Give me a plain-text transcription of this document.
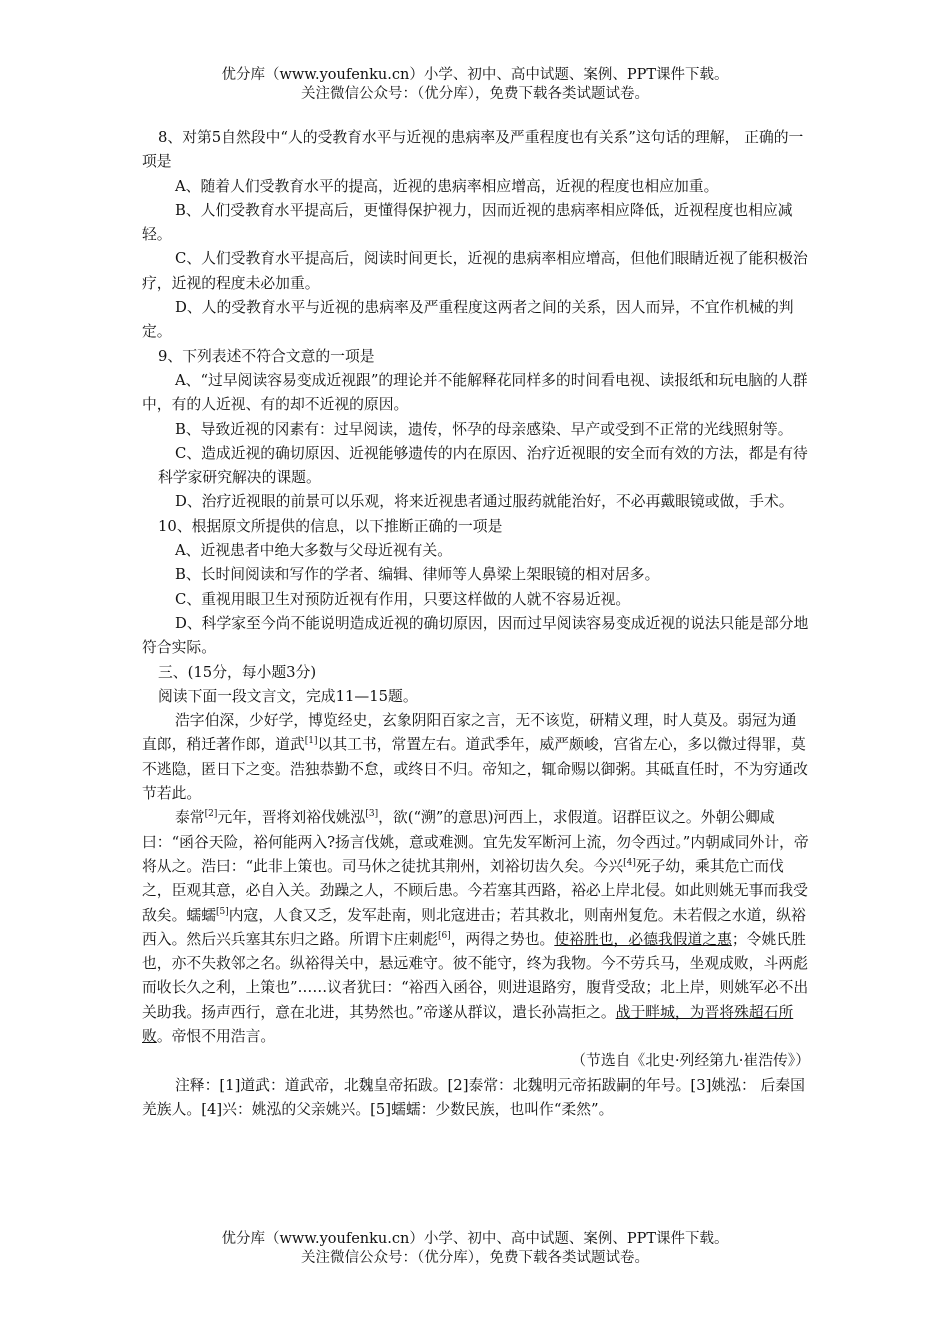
优分库（www.youfenku.cn）小学、初中、高中试题、案例、PPT课件下载。
关注微信公众号：（优分库），免费下载各类试题试卷。

8、对第5自然段中“人的受教育水平与近视的患病率及严重程度也有关系”这句话的理解， 正确的一项是

A、随着人们受教育水平的提高，近视的患病率相应增高，近视的程度也相应加重。

B、人们受教育水平提高后，更懂得保护视力，因而近视的患病率相应降低，近视程度也相应减轻。

C、人们受教育水平提高后，阅读时间更长，近视的患病率相应增高，但他们眼睛近视了能积极治疗，近视的程度未必加重。

D、人的受教育水平与近视的患病率及严重程度这两者之间的关系，因人而异，不宜作机械的判定。

9、下列表述不符合文意的一项是

A、“过早阅读容易变成近视跟”的理论并不能解释花同样多的时间看电视、读报纸和玩电脑的人群中，有的人近视、有的却不近视的原因。

B、导致近视的冈素有：过早阅读，遗传，怀孕的母亲感染、早产或受到不正常的光线照射等。

C、造成近视的确切原因、近视能够遗传的内在原因、治疗近视眼的安全而有效的方法，都是有待科学家研究解决的课题。

D、治疗近视眼的前景可以乐观，将来近视患者通过服药就能治好，不必再戴眼镜或做，手术。

10、根据原文所提供的信息，以下推断正确的一项是

A、近视患者中绝大多数与父母近视有关。

B、长时间阅读和写作的学者、编辑、律师等人鼻梁上架眼镜的相对居多。

C、重视用眼卫生对预防近视有作用，只要这样做的人就不容易近视。

D、科学家至今尚不能说明造成近视的确切原因，因而过早阅读容易变成近视的说法只能是部分地符合实际。

三、(15分，每小题3分)

阅读下面一段文言文，完成11—15题。

浩字伯深，少好学，博览经史，玄象阴阳百家之言，无不该览，研精义理，时人莫及。弱冠为通直郎，稍迁著作郎，道武[1]以其工书，常置左右。道武季年，威严颇峻，宫省左心，多以微过得罪，莫不逃隐，匿日下之变。浩独恭勤不怠，或终日不归。帝知之，辄命赐以御粥。其砥直任时，不为穷通改节若此。

泰常[2]元年，晋将刘裕伐姚泓[3]，欲(“溯”的意思)河西上，求假道。诏群臣议之。外朝公卿咸曰：“函谷天险，裕何能两入?扬言伐姚，意或难测。宜先发军断河上流，勿令西过。”内朝咸同外计，帝将从之。浩曰：“此非上策也。司马休之徒扰其荆州，刘裕切齿久矣。今兴[4]死子幼，乘其危亡而伐之，臣观其意，必自入关。劲躁之人，不顾后患。今若塞其西路，裕必上岸北侵。如此则姚无事而我受敌矣。蠕蠕[5]内寇，人食又乏，发军赴南，则北寇进击；若其救北，则南州复危。未若假之水道，纵裕西入。然后兴兵塞其东归之路。所谓卞庄刺彪[6]，两得之势也。使裕胜也，必德我假道之惠；令姚氏胜也，亦不失救邻之名。纵裕得关中，悬远难守。彼不能守，终为我物。今不劳兵马，坐观成败，斗两彪而收长久之利，上策也”……议者犹曰：“裕西入函谷，则进退路穷，腹背受敌；北上岸，则姚军必不出关助我。扬声西行，意在北进，其势然也。”帝遂从群议，遣长孙嵩拒之。战于畔城，为晋将殊超石所败。帝恨不用浩言。

（节选自《北史·列经第九·崔浩传》）

注释：[1]道武：道武帝，北魏皇帝拓跋。[2]泰常：北魏明元帝拓跋嗣的年号。[3]姚泓： 后秦国羌族人。[4]兴：姚泓的父亲姚兴。[5]蠕蠕：少数民族，也叫作“柔然”。

优分库（www.youfenku.cn）小学、初中、高中试题、案例、PPT课件下载。
关注微信公众号：（优分库），免费下载各类试题试卷。
